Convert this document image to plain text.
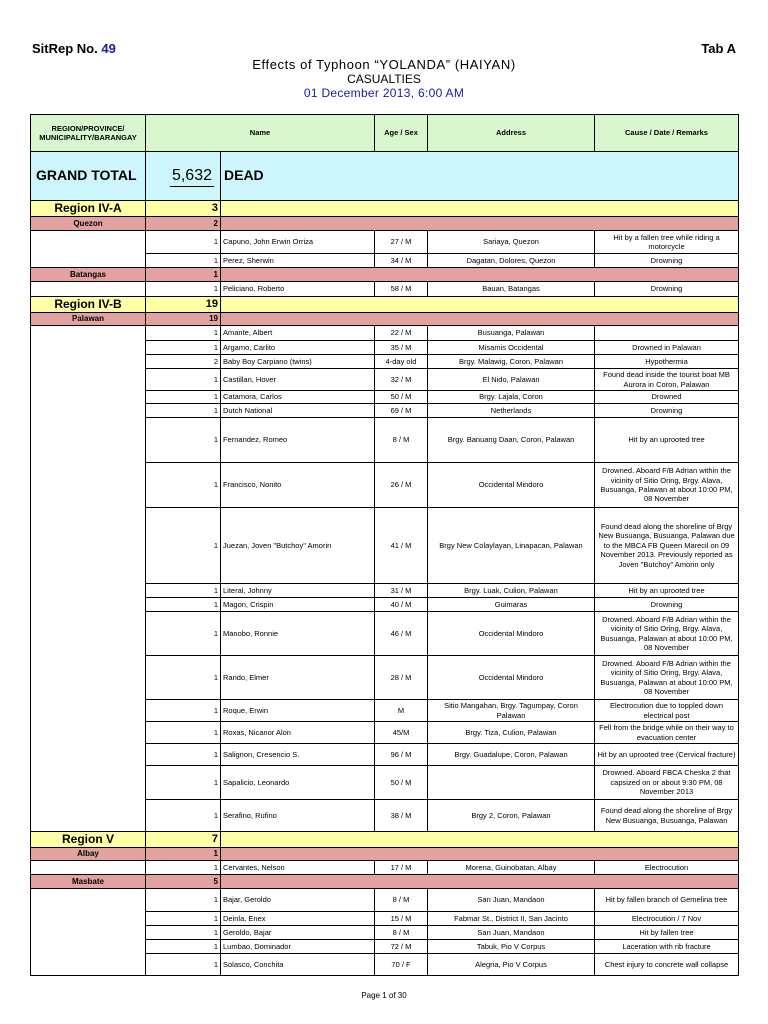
SitRep No. 49	Tab A
Effects of Typhoon “YOLANDA” (HAIYAN)
CASUALTIES
01 December 2013, 6:00 AM
REGION/PROVINCE/ MUNICIPALITY/BARANGAY	Name		Age / Sex	Address	Cause / Date / Remarks
GRAND TOTAL	5,632	DEAD			
Region IV-A	3				
Quezon	2				
	1	Capuno, John Erwin Orriza	27 / M	Sariaya, Quezon	Hit by a fallen tree while riding a motorcycle
	1	Perez, Sherwin	34 / M	Dagatan, Dolores, Quezon	Drowning
Batangas	1				
	1	Peliciano, Roberto	58 / M	Bauan, Batangas	Drowning
Region IV-B	19				
Palawan	19				
	1	Amante, Albert	22 / M	Busuanga, Palawan	
	1	Argamo, Carlito	35 / M	Misamis Occidental	Drowned in Palawan
	2	Baby Boy Carpiano (twins)	4-day old	Brgy. Malawig, Coron, Palawan	Hypothermia
	1	Castillan, Hover	32 / M	El Nido, Palawan	Found dead inside the tourist boat MB Aurora in Coron, Palawan
	1	Catamora, Carlos	50 / M	Brgy. Lajala, Coron	Drowned
	1	Dutch National	69 / M	Netherlands	Drowning
	1	Fernandez, Romeo	8 / M	Brgy. Banuang Daan, Coron, Palawan	Hit by an uprooted tree
	1	Francisco, Nonito	26 / M	Occidental Mindoro	Drowned. Aboard F/B Adrian within the vicinity of Sitio Oring, Brgy. Alava, Busuanga, Palawan at about 10:00 PM, 08 November
	1	Juezan, Joven "Butchoy" Amorin	41 / M	Brgy New Colaylayan, Linapacan, Palawan	Found dead along the shoreline of Brgy New Busuanga, Busuanga, Palawan due to the MBCA FB Queen Marecil on 09 November 2013. Previously reported as Joven "Butchoy" Amorin only
	1	Literal, Johnny	31 / M	Brgy. Luak, Culion, Palawan	Hit by an uprooted tree
	1	Magon, Crispin	40 / M	Guimaras	Drowning
	1	Manobo, Ronnie	46 / M	Occidental Mindoro	Drowned. Aboard F/B Adrian within the vicinity of Sitio Oring, Brgy. Alava, Busuanga, Palawan at about 10:00 PM, 08 November
	1	Rando, Elmer	28 / M	Occidental Mindoro	Drowned. Aboard F/B Adrian within the vicinity of Sitio Oring, Brgy. Alava, Busuanga, Palawan at about 10:00 PM, 08 November
	1	Roque, Erwin	M	Sitio Mangahan, Brgy. Tagumpay, Coron Palawan	Electrocution due to toppled down electrical post
	1	Roxas, Nicanor Alon	45/M	Brgy. Tiza, Culion, Palawan	Fell from the bridge while on their way to evacuation center
	1	Salignon, Cresencio S.	96 / M	Brgy. Guadalupe, Coron, Palawan	Hit by an uprooted tree (Cervical fracture)
	1	Sapalicio, Leonardo	50 / M		Drowned. Aboard FBCA Cheska 2 that capsized on or about 9:30 PM, 08 November 2013
	1	Serafino, Rufino	38 / M	Brgy 2, Coron, Palawan	Found dead along the shoreline of Brgy New Busuanga, Busuanga, Palawan
Region V	7				
Albay	1				
	1	Cervantes, Nelson	17 / M	Morena, Guinobatan, Albay	Electrocution
Masbate	5				
	1	Bajar, Geroldo	8 / M	San Juan, Mandaon	Hit by fallen branch of Gemelina tree
	1	Deinla, Enex	15 / M	Fabmar St., District II, San Jacinto	Electrocution / 7 Nov
	1	Geroldo, Bajar	8 / M	San Juan, Mandaon	Hit by fallen tree
	1	Lumbao, Dominador	72 / M	Tabuk, Pio V Corpus	Laceration with rib fracture
	1	Solasco, Conchita	70 / F	Alegria, Pio V Corpus	Chest injury to concrete wall collapse
Page 1 of 30
